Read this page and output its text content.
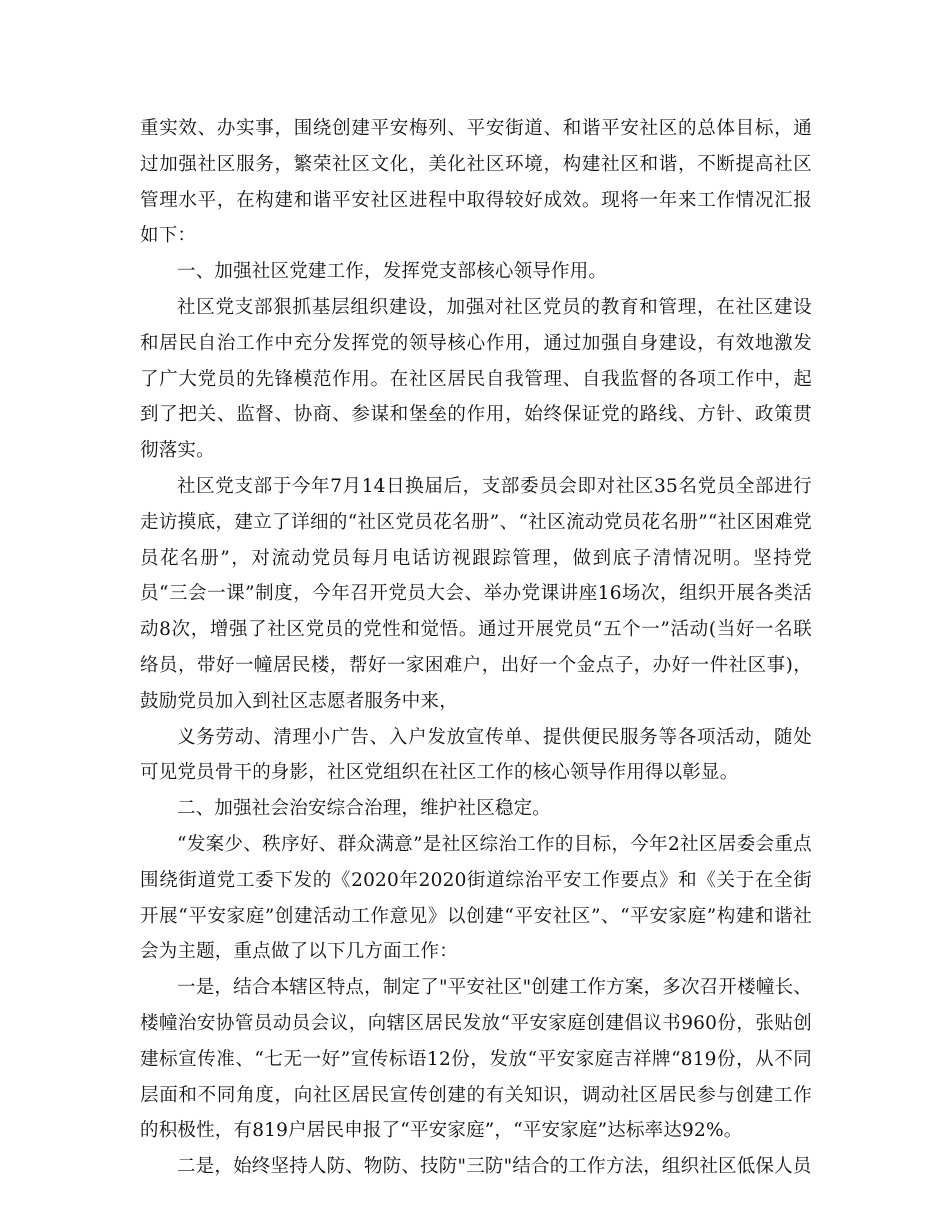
重实效、办实事，围绕创建平安梅列、平安街道、和谐平安社区的总体目标，通过加强社区服务，繁荣社区文化，美化社区环境，构建社区和谐，不断提高社区管理水平，在构建和谐平安社区进程中取得较好成效。现将一年来工作情况汇报如下：

一、加强社区党建工作，发挥党支部核心领导作用。

社区党支部狠抓基层组织建设，加强对社区党员的教育和管理，在社区建设和居民自治工作中充分发挥党的领导核心作用，通过加强自身建设，有效地激发了广大党员的先锋模范作用。在社区居民自我管理、自我监督的各项工作中，起到了把关、监督、协商、参谋和堡垒的作用，始终保证党的路线、方针、政策贯彻落实。

社区党支部于今年7月14日换届后，支部委员会即对社区35名党员全部进行走访摸底，建立了详细的“社区党员花名册”、“社区流动党员花名册”“社区困难党员花名册”，对流动党员每月电话访视跟踪管理，做到底子清情况明。坚持党员“三会一课”制度，今年召开党员大会、举办党课讲座16场次，组织开展各类活动8次，增强了社区党员的党性和觉悟。通过开展党员“五个一”活动(当好一名联络员，带好一幢居民楼，帮好一家困难户，出好一个金点子，办好一件社区事)，鼓励党员加入到社区志愿者服务中来，

义务劳动、清理小广告、入户发放宣传单、提供便民服务等各项活动，随处可见党员骨干的身影，社区党组织在社区工作的核心领导作用得以彰显。

二、加强社会治安综合治理，维护社区稳定。

“发案少、秩序好、群众满意”是社区综治工作的目标，今年2社区居委会重点围绕街道党工委下发的《2020年2020街道综治平安工作要点》和《关于在全街开展“平安家庭”创建活动工作意见》以创建“平安社区”、“平安家庭”构建和谐社会为主题，重点做了以下几方面工作：

一是，结合本辖区特点，制定了"平安社区"创建工作方案，多次召开楼幢长、楼幢治安协管员动员会议，向辖区居民发放“平安家庭创建倡议书960份，张贴创建标宣传准、“七无一好”宣传标语12份，发放“平安家庭吉祥牌“819份，从不同层面和不同角度，向社区居民宣传创建的有关知识，调动社区居民参与创建工作的积极性，有819户居民申报了“平安家庭”，“平安家庭”达标率达92%。

二是，始终坚持人防、物防、技防"三防"结合的工作方法，组织社区低保人员
